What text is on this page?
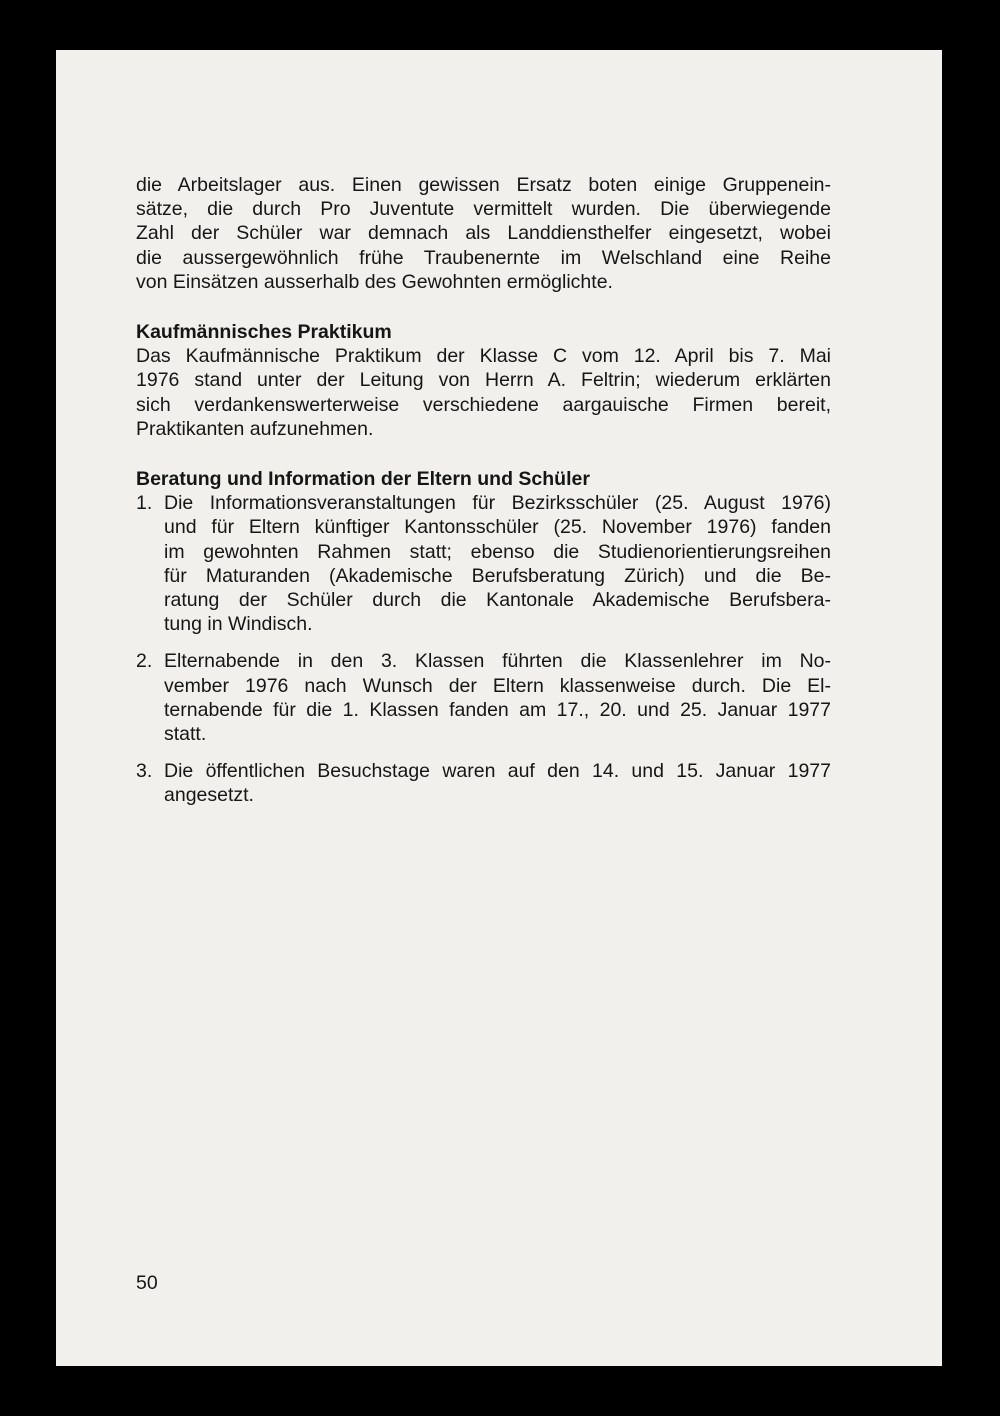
die Arbeitslager aus. Einen gewissen Ersatz boten einige Gruppenein-
sätze, die durch Pro Juventute vermittelt wurden. Die überwiegende
Zahl der Schüler war demnach als Landdiensthelfer eingesetzt, wobei
die aussergewöhnlich frühe Traubenernte im Welschland eine Reihe
von Einsätzen ausserhalb des Gewohnten ermöglichte.
Kaufmännisches Praktikum
Das Kaufmännische Praktikum der Klasse C vom 12. April bis 7. Mai
1976 stand unter der Leitung von Herrn A. Feltrin; wiederum erklärten
sich verdankenswerterweise verschiedene aargauische Firmen bereit,
Praktikanten aufzunehmen.
Beratung und Information der Eltern und Schüler
1. Die Informationsveranstaltungen für Bezirksschüler (25. August 1976)
und für Eltern künftiger Kantonsschüler (25. November 1976) fanden
im gewohnten Rahmen statt; ebenso die Studienorientierungsreihen
für Maturanden (Akademische Berufsberatung Zürich) und die Be-
ratung der Schüler durch die Kantonale Akademische Berufsbera-
tung in Windisch.
2. Elternabende in den 3. Klassen führten die Klassenlehrer im No-
vember 1976 nach Wunsch der Eltern klassenweise durch. Die El-
ternabende für die 1. Klassen fanden am 17., 20. und 25. Januar 1977
statt.
3. Die öffentlichen Besuchstage waren auf den 14. und 15. Januar 1977
angesetzt.
50
